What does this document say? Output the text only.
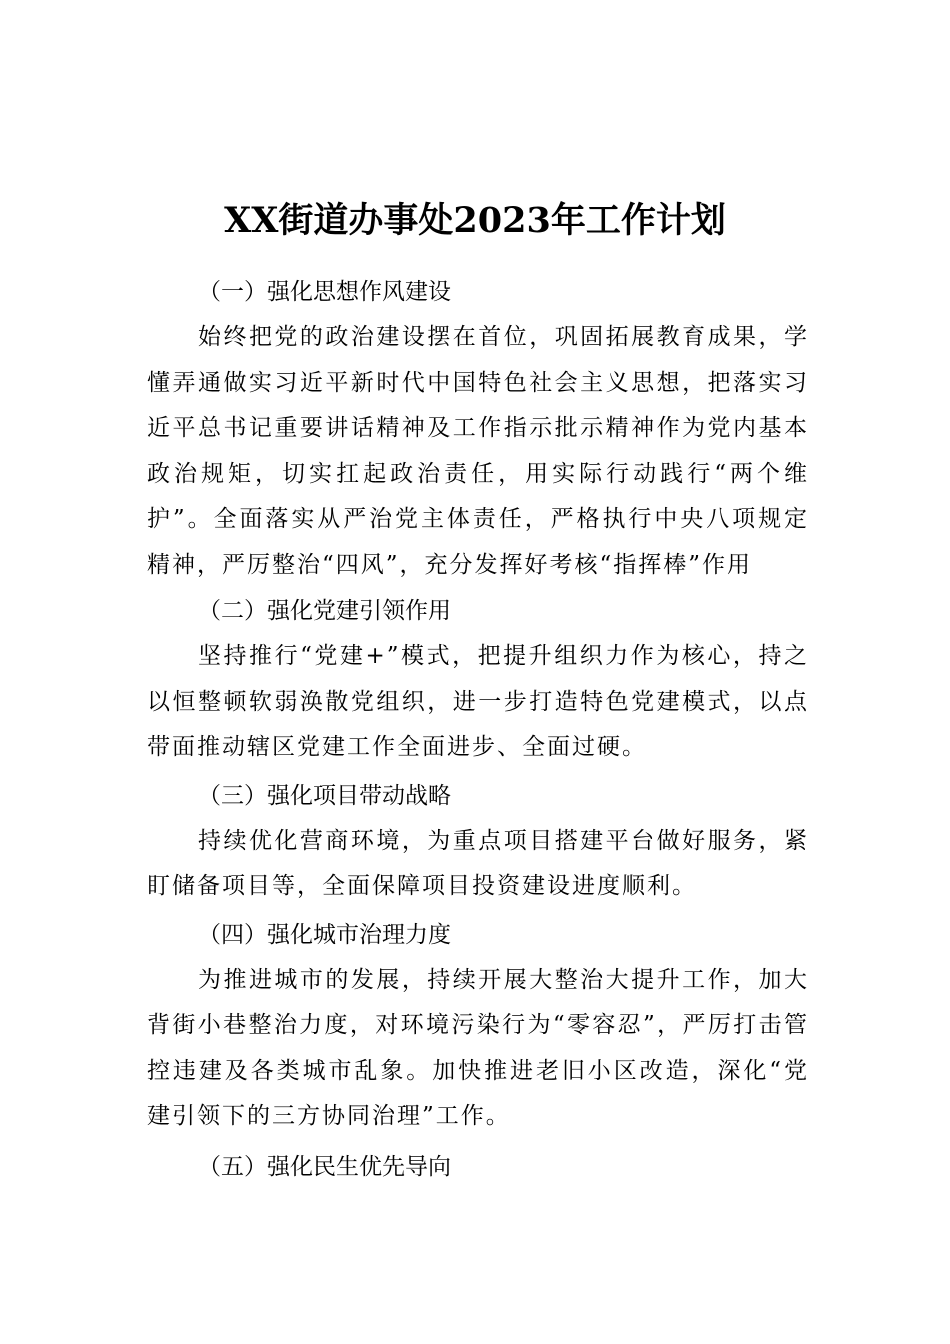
XX街道办事处2023年工作计划
（一）强化思想作风建设

始终把党的政治建设摆在首位，巩固拓展教育成果，学懂弄通做实习近平新时代中国特色社会主义思想，把落实习近平总书记重要讲话精神及工作指示批示精神作为党内基本政治规矩，切实扛起政治责任，用实际行动践行“两个维护”。全面落实从严治党主体责任，严格执行中央八项规定精神，严厉整治“四风”，充分发挥好考核“指挥棒”作用

（二）强化党建引领作用

坚持推行“党建+”模式，把提升组织力作为核心，持之以恒整顿软弱涣散党组织，进一步打造特色党建模式，以点带面推动辖区党建工作全面进步、全面过硬。

（三）强化项目带动战略

持续优化营商环境，为重点项目搭建平台做好服务，紧盯储备项目等，全面保障项目投资建设进度顺利。

（四）强化城市治理力度

为推进城市的发展，持续开展大整治大提升工作，加大背街小巷整治力度，对环境污染行为“零容忍”，严厉打击管控违建及各类城市乱象。加快推进老旧小区改造，深化“党建引领下的三方协同治理”工作。

（五）强化民生优先导向
